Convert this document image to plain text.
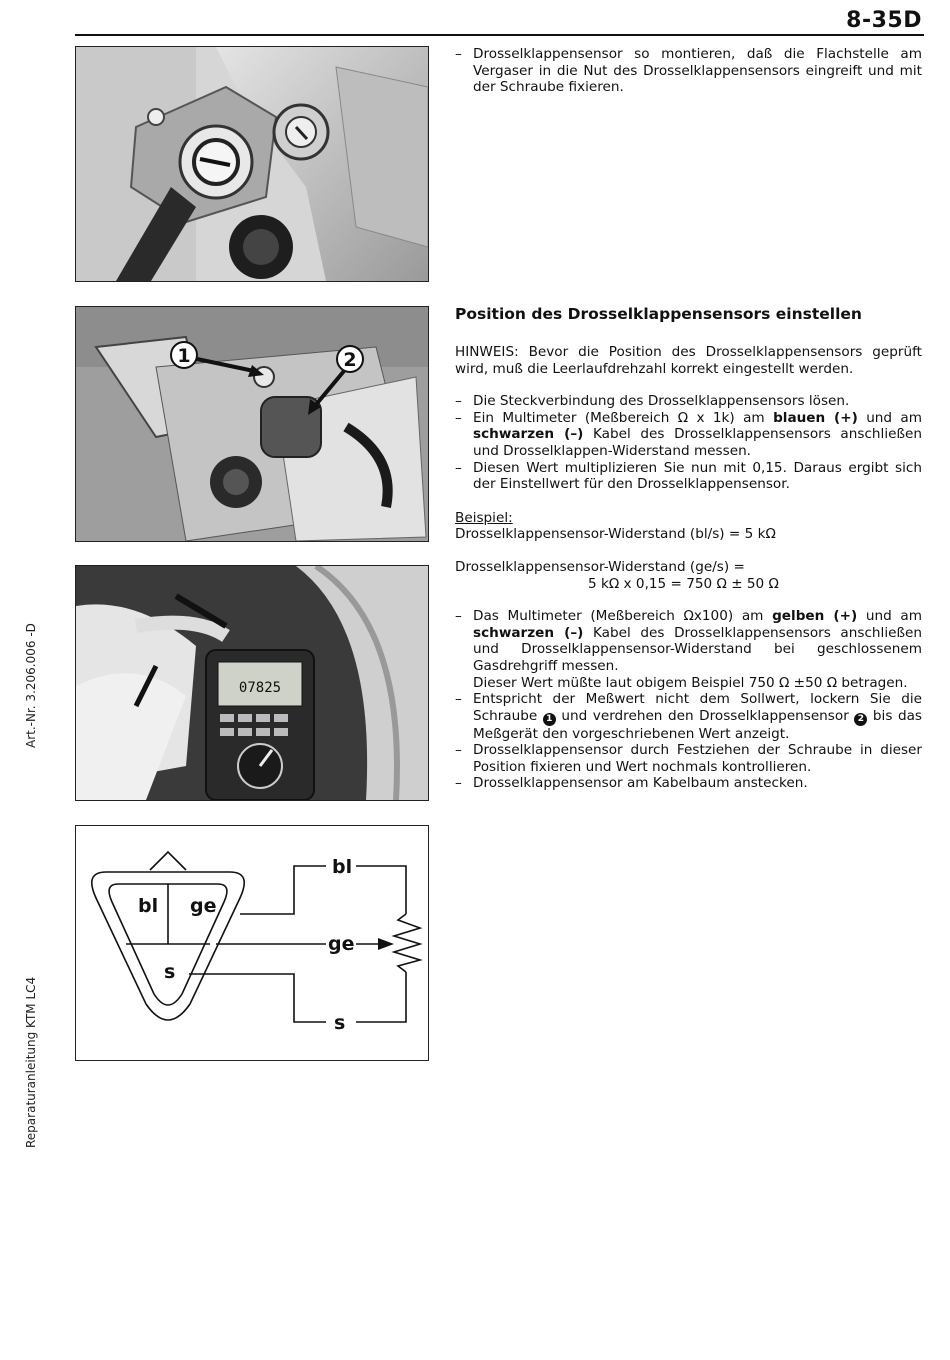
8-35D
Art.-Nr. 3.206.006 -D
Reparaturanleitung KTM LC4
1	2
07825
bl ge
s
bl
ge
s
– Drosselklappensensor so montieren, daß die Flachstelle am Vergaser in die Nut des Drosselklappensensors eingreift und mit der Schraube fixieren.
Position des Drosselklappensensors einstellen
HINWEIS: Bevor die Position des Drosselklappensensors geprüft wird, muß die Leerlaufdrehzahl korrekt eingestellt werden.
– Die Steckverbindung des Drosselklappensensors lösen.
– Ein Multimeter (Meßbereich Ω x 1k) am blauen (+) und am schwarzen (–) Kabel des Drosselklappensensors anschließen und Drosselklappen-Widerstand messen.
– Diesen Wert multiplizieren Sie nun mit 0,15. Daraus ergibt sich der Einstellwert für den Drosselklappensensor.
Beispiel:
Drosselklappensensor-Widerstand (bl/s) = 5 kΩ
Drosselklappensensor-Widerstand (ge/s) =
5 kΩ x 0,15 = 750 Ω ± 50 Ω
– Das Multimeter (Meßbereich Ωx100) am gelben (+) und am schwarzen (–) Kabel des Drosselklappensensors anschließen und Drosselklappensensor-Widerstand bei geschlossenem Gasdrehgriff messen.
Dieser Wert müßte laut obigem Beispiel 750 Ω ±50 Ω betragen.
– Entspricht der Meßwert nicht dem Sollwert, lockern Sie die Schraube 1 und verdrehen den Drosselklappensensor 2 bis das Meßgerät den vorgeschriebenen Wert anzeigt.
– Drosselklappensensor durch Festziehen der Schraube in dieser Position fixieren und Wert nochmals kontrollieren.
– Drosselklappensensor am Kabelbaum anstecken.
